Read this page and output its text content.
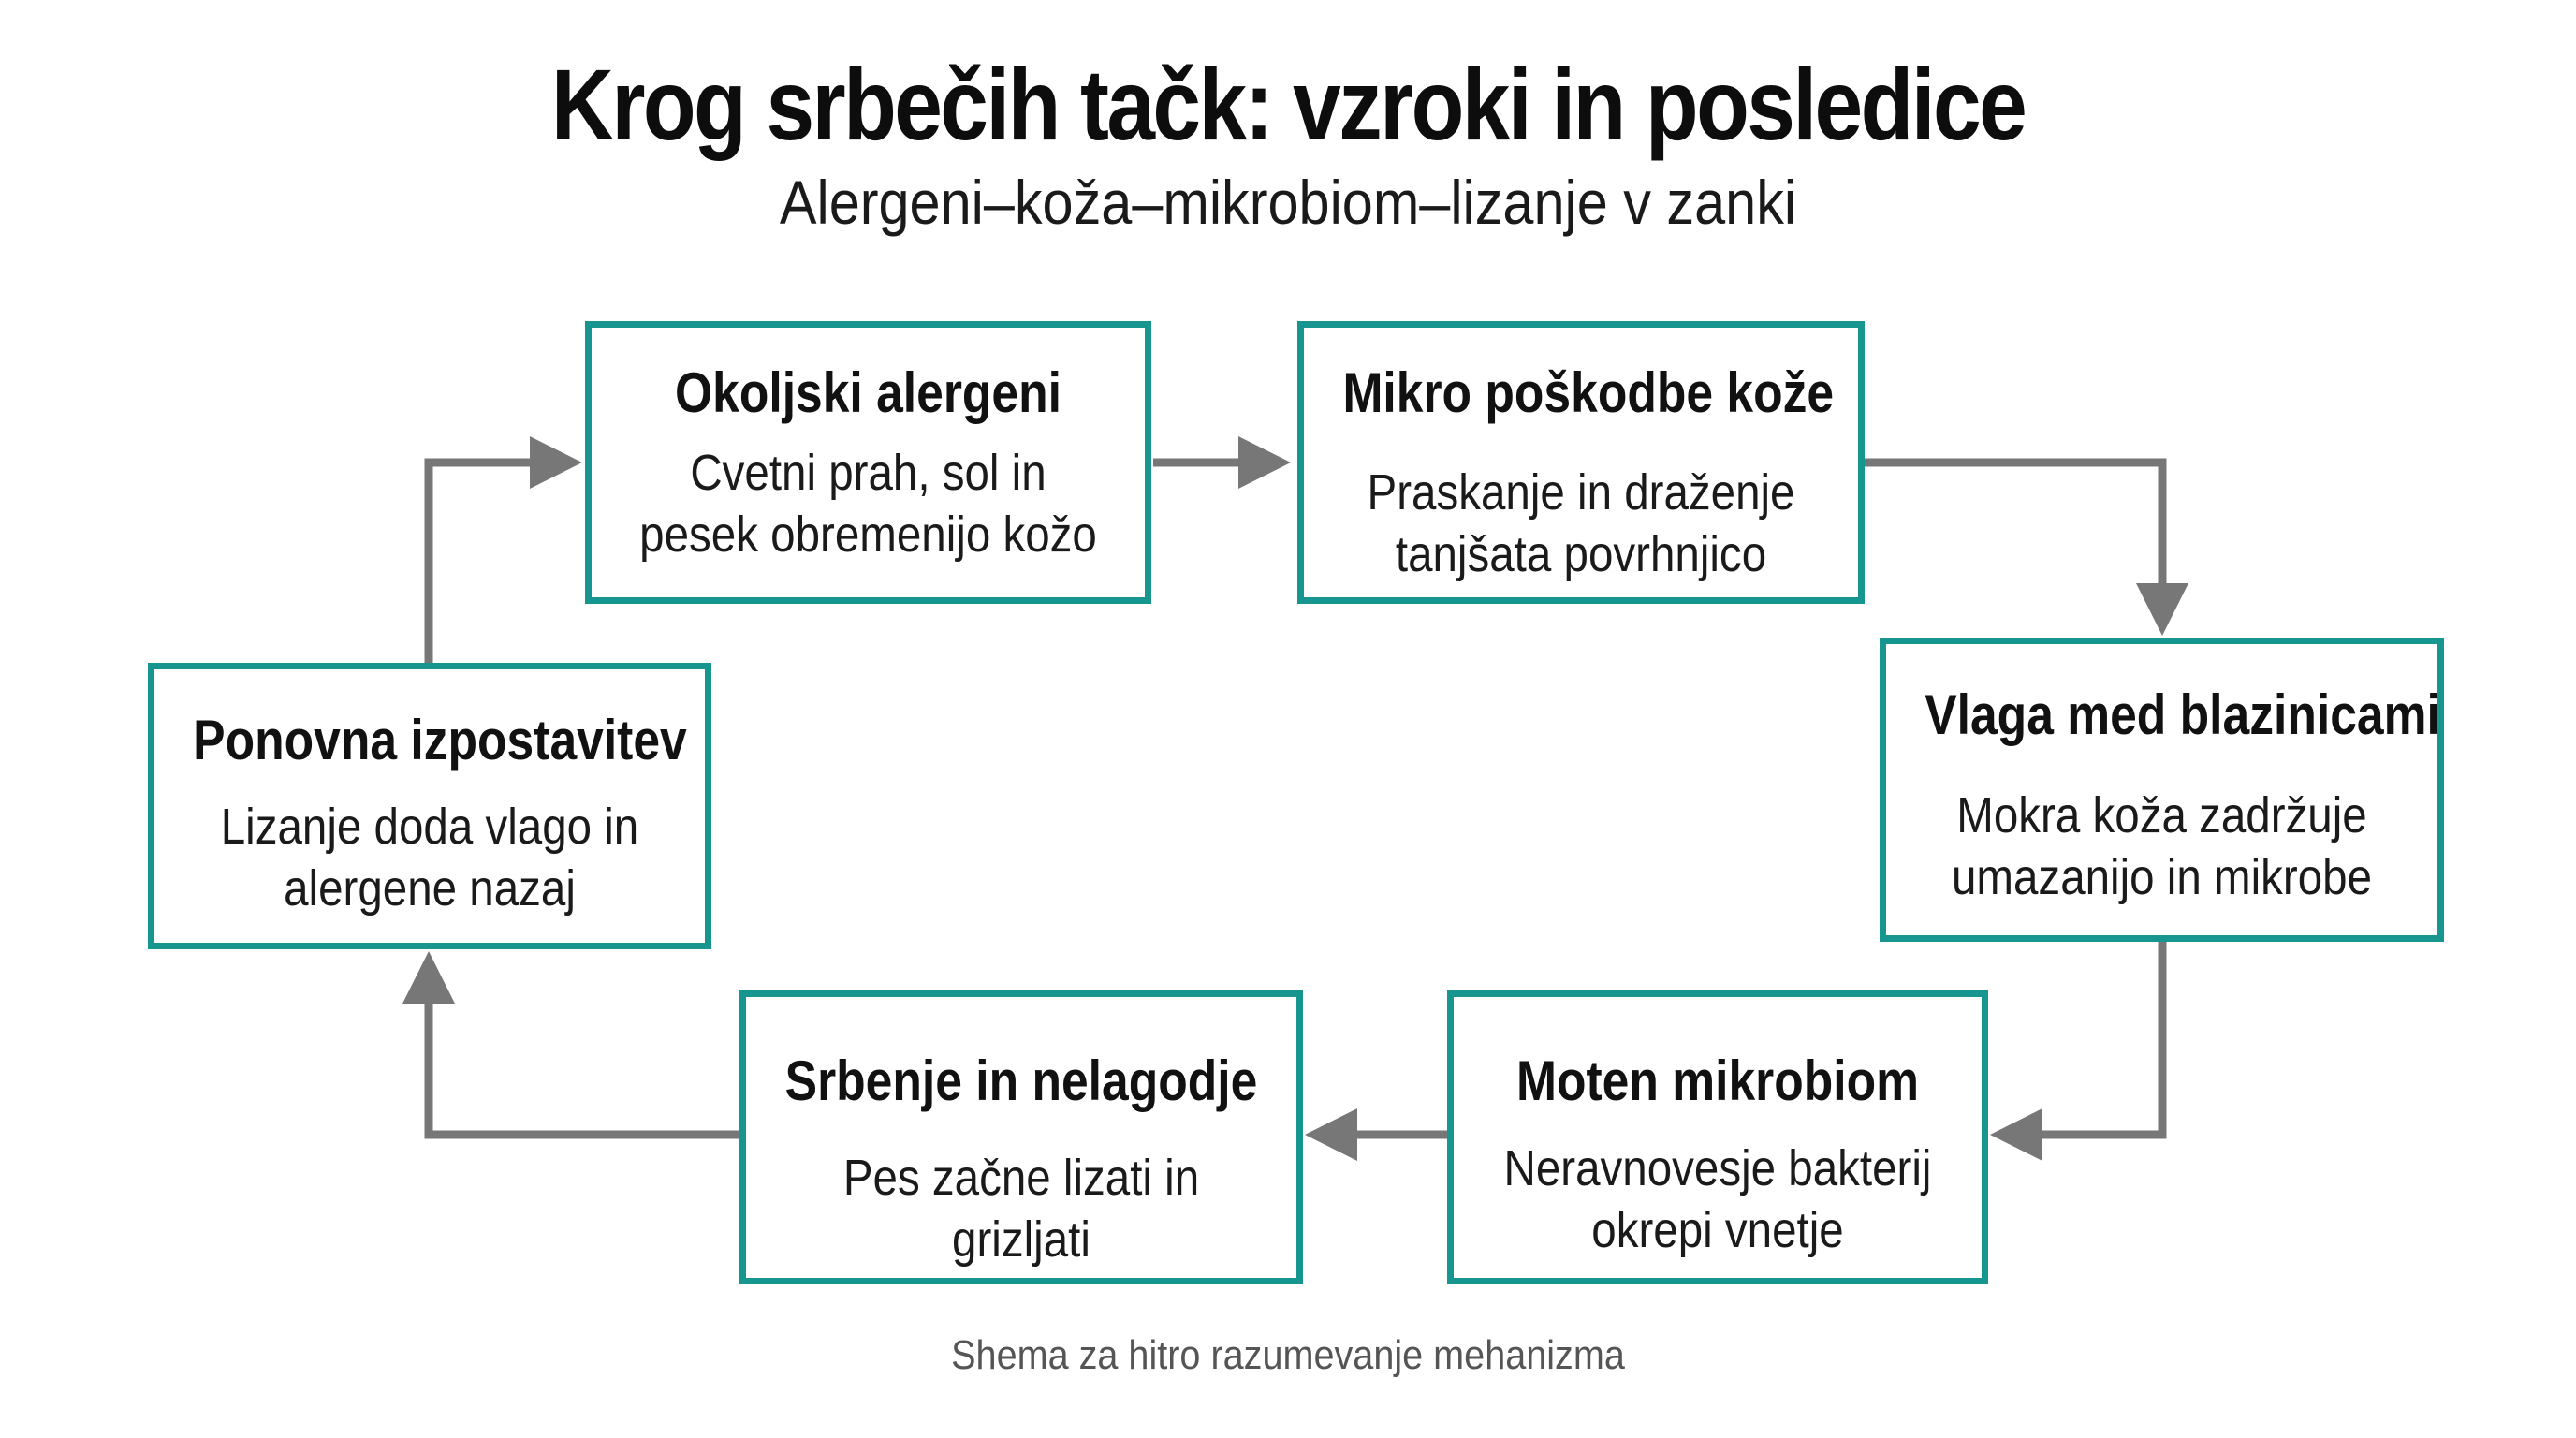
Krog srbečih tačk: vzroki in posledice
Alergeni–koža–mikrobiom–lizanje v zanki
Okoljski alergeni
Cvetni prah, sol in
pesek obremenijo kožo
Mikro poškodbe kože
Praskanje in draženje
tanjšata povrhnjico
Vlaga med blazinicami
Mokra koža zadržuje
umazanijo in mikrobe
Moten mikrobiom
Neravnovesje bakterij
okrepi vnetje
Srbenje in nelagodje
Pes začne lizati in
grizljati
Ponovna izpostavitev
Lizanje doda vlago in
alergene nazaj
Shema za hitro razumevanje mehanizma
